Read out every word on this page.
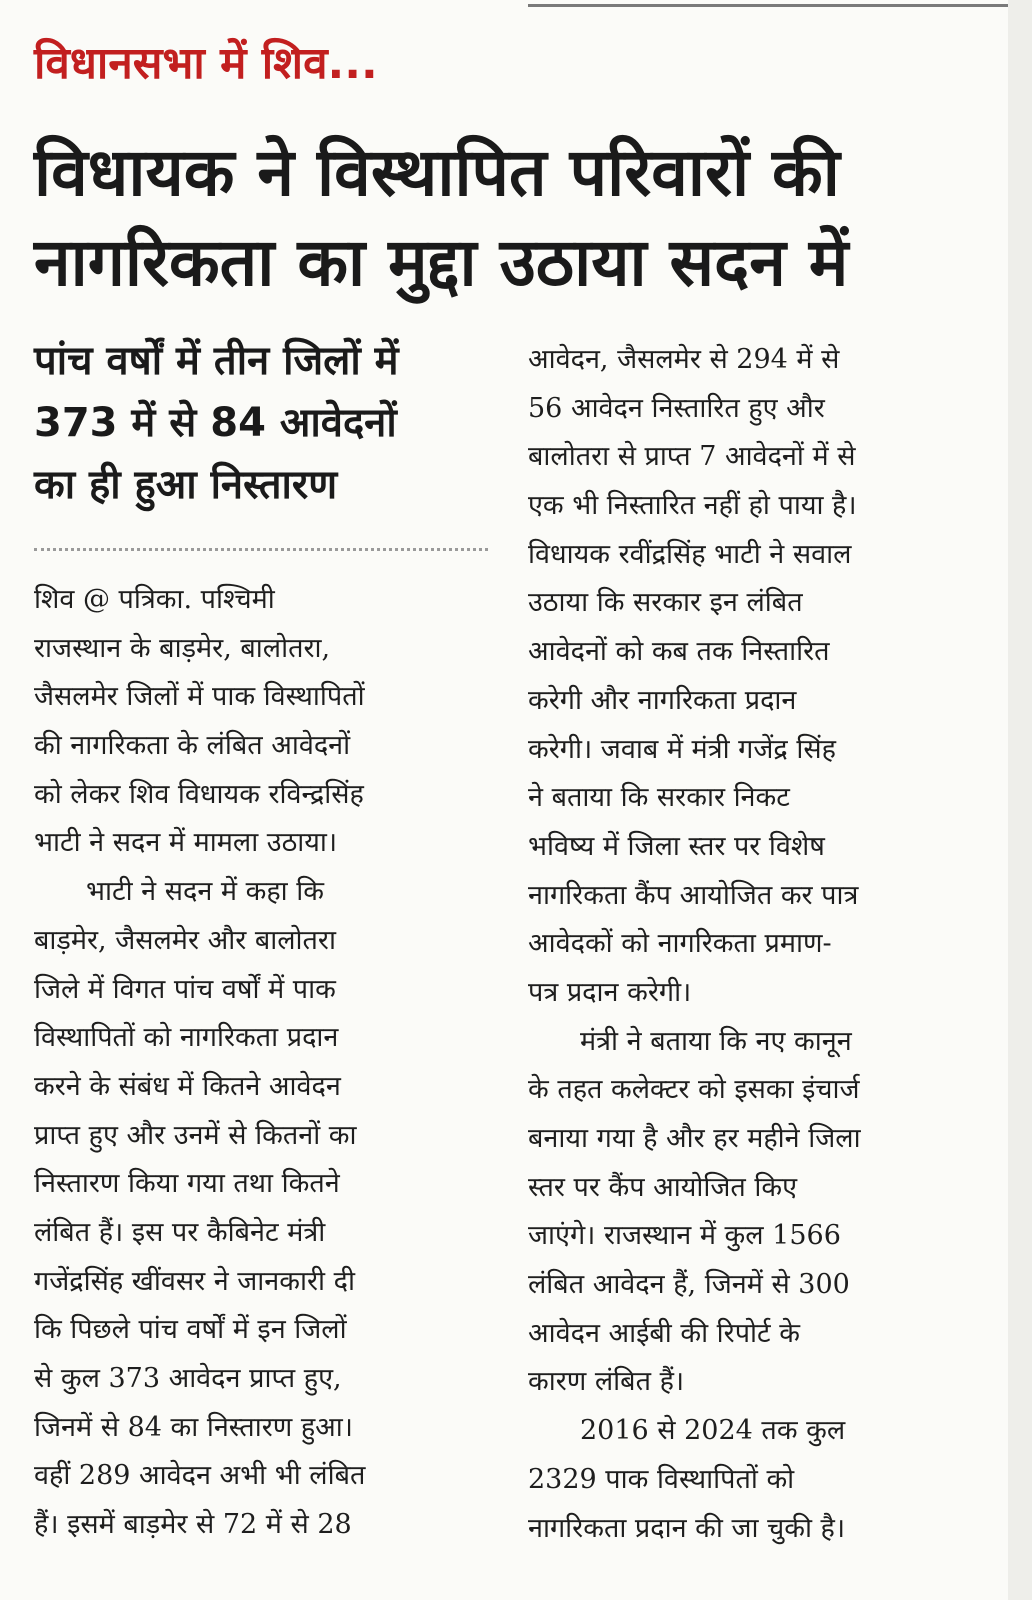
विधानसभा में शिव...
विधायक ने विस्थापित परिवारों की
नागरिकता का मुद्दा उठाया सदन में
पांच वर्षों में तीन जिलों में
373 में से 84 आवेदनों
का ही हुआ निस्तारण
शिव @ पत्रिका. पश्चिमी
राजस्थान के बाड़मेर, बालोतरा,
जैसलमेर जिलों में पाक विस्थापितों
की नागरिकता के लंबित आवेदनों
को लेकर शिव विधायक रविन्द्रसिंह
भाटी ने सदन में मामला उठाया।
भाटी ने सदन में कहा कि
बाड़मेर, जैसलमेर और बालोतरा
जिले में विगत पांच वर्षों में पाक
विस्थापितों को नागरिकता प्रदान
करने के संबंध में कितने आवेदन
प्राप्त हुए और उनमें से कितनों का
निस्तारण किया गया तथा कितने
लंबित हैं। इस पर कैबिनेट मंत्री
गजेंद्रसिंह खींवसर ने जानकारी दी
कि पिछले पांच वर्षों में इन जिलों
से कुल 373 आवेदन प्राप्त हुए,
जिनमें से 84 का निस्तारण हुआ।
वहीं 289 आवेदन अभी भी लंबित
हैं। इसमें बाड़मेर से 72 में से 28
आवेदन, जैसलमेर से 294 में से
56 आवेदन निस्तारित हुए और
बालोतरा से प्राप्त 7 आवेदनों में से
एक भी निस्तारित नहीं हो पाया है।
विधायक रवींद्रसिंह भाटी ने सवाल
उठाया कि सरकार इन लंबित
आवेदनों को कब तक निस्तारित
करेगी और नागरिकता प्रदान
करेगी। जवाब में मंत्री गजेंद्र सिंह
ने बताया कि सरकार निकट
भविष्य में जिला स्तर पर विशेष
नागरिकता कैंप आयोजित कर पात्र
आवेदकों को नागरिकता प्रमाण-
पत्र प्रदान करेगी।
मंत्री ने बताया कि नए कानून
के तहत कलेक्टर को इसका इंचार्ज
बनाया गया है और हर महीने जिला
स्तर पर कैंप आयोजित किए
जाएंगे। राजस्थान में कुल 1566
लंबित आवेदन हैं, जिनमें से 300
आवेदन आईबी की रिपोर्ट के
कारण लंबित हैं।
2016 से 2024 तक कुल
2329 पाक विस्थापितों को
नागरिकता प्रदान की जा चुकी है।
